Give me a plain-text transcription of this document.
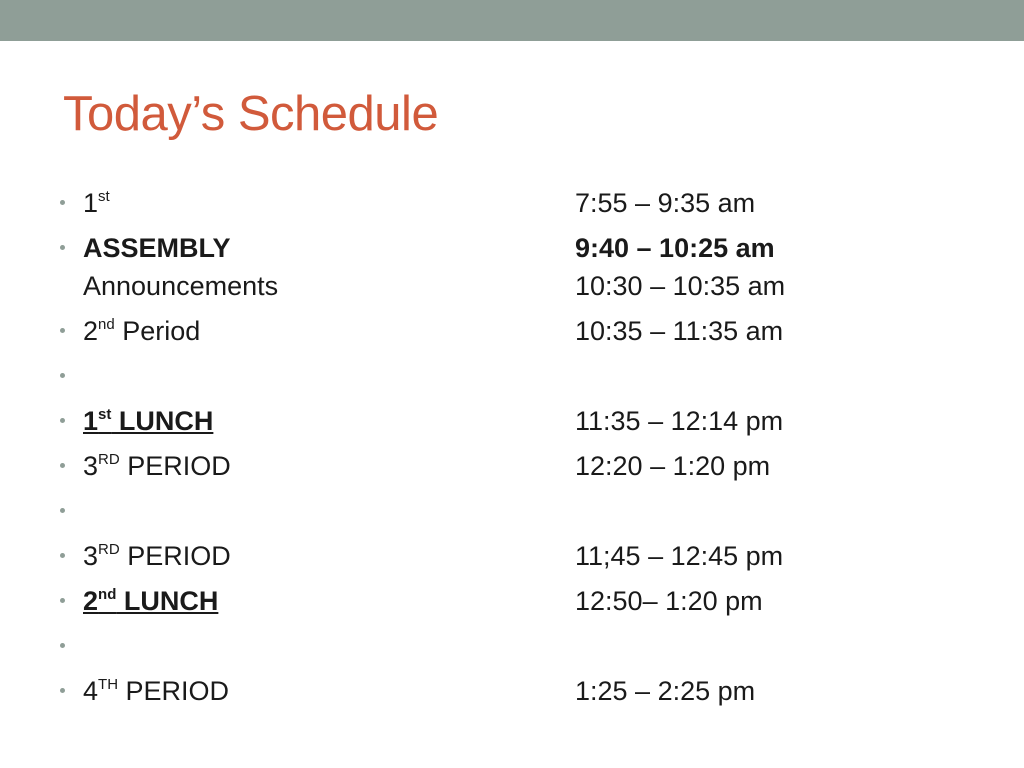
Today’s Schedule
1st	7:55 – 9:35 am
ASSEMBLY	9:40 – 10:25 am
Announcements	10:30 – 10:35 am
2nd Period	10:35 – 11:35 am
1st LUNCH	11:35 – 12:14 pm
3RD PERIOD	12:20 – 1:20 pm
3RD PERIOD	11;45 – 12:45 pm
2nd LUNCH	12:50– 1:20 pm
4TH PERIOD	1:25 – 2:25 pm
